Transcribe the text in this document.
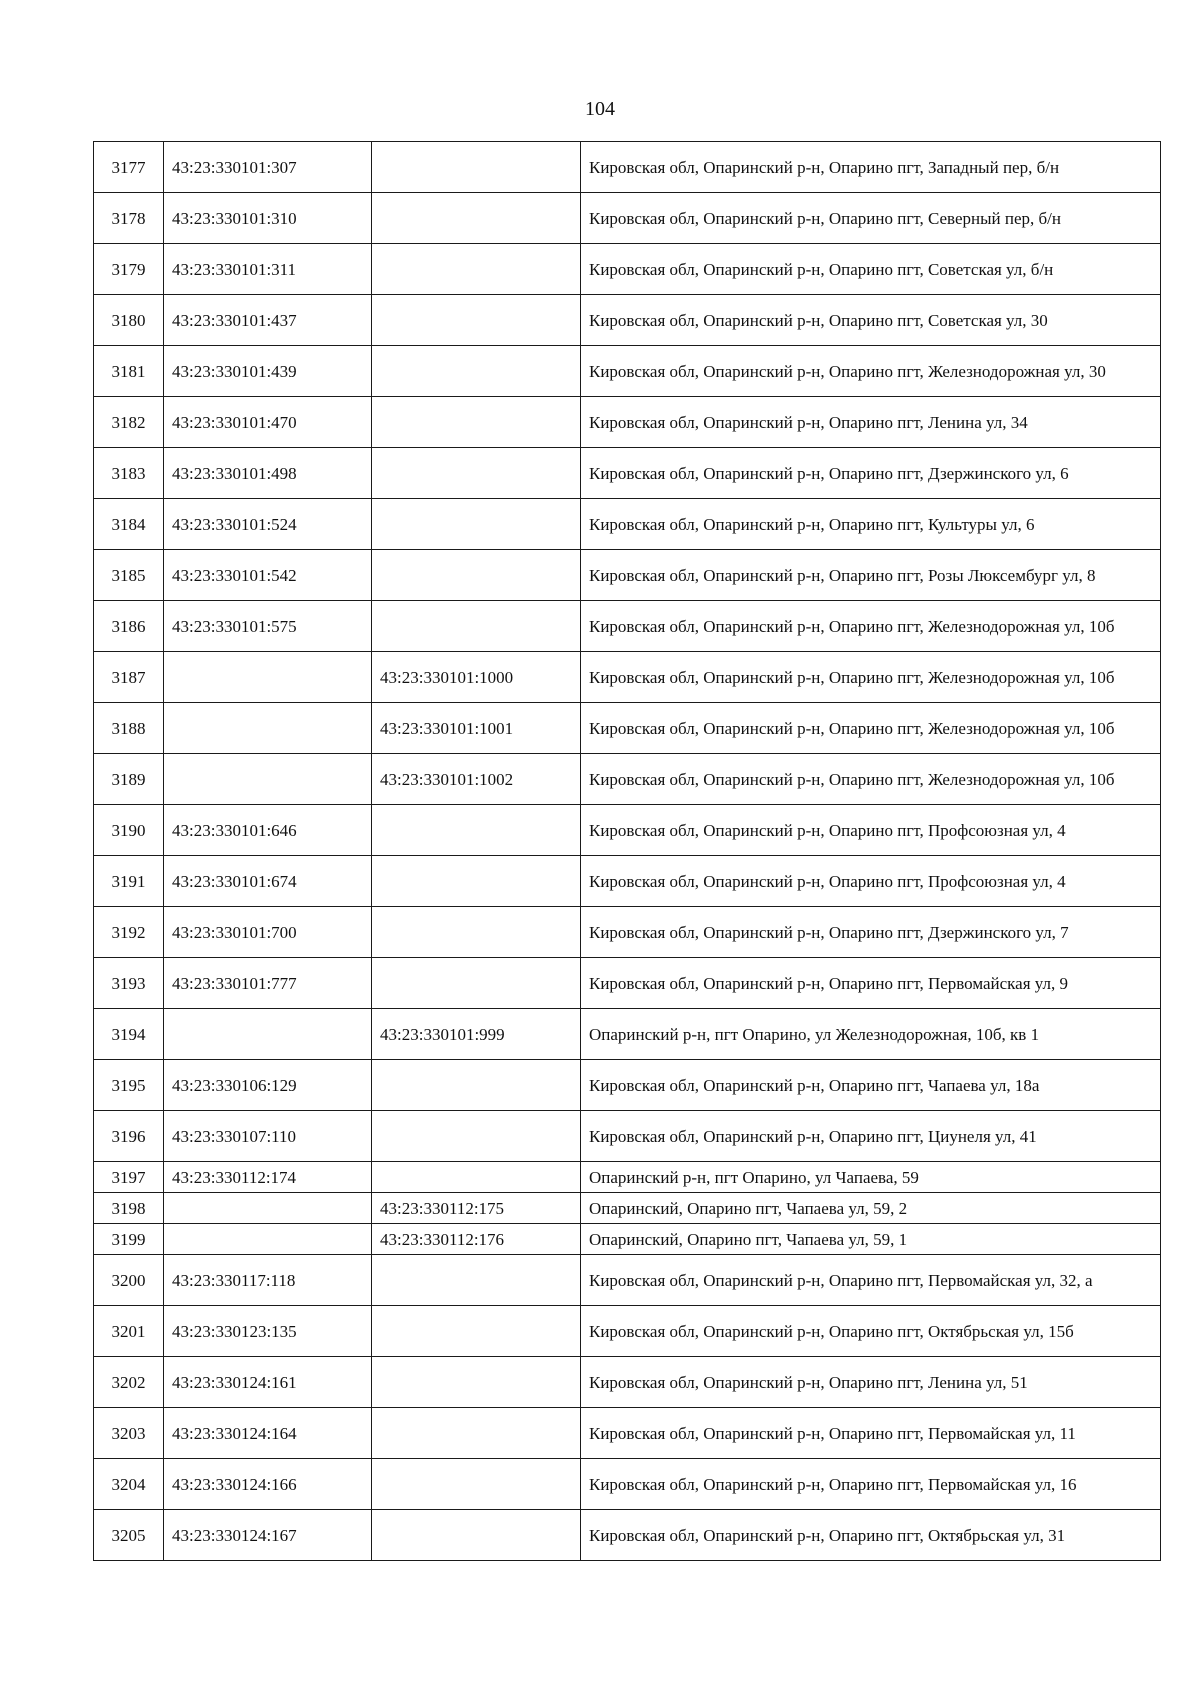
104
3177	43:23:330101:307		Кировская обл, Опаринский р-н, Опарино пгт, Западный пер, б/н
3178	43:23:330101:310		Кировская обл, Опаринский р-н, Опарино пгт, Северный пер, б/н
3179	43:23:330101:311		Кировская обл, Опаринский р-н, Опарино пгт, Советская ул, б/н
3180	43:23:330101:437		Кировская обл, Опаринский р-н, Опарино пгт, Советская ул, 30
3181	43:23:330101:439		Кировская обл, Опаринский р-н, Опарино пгт, Железнодорожная ул, 30
3182	43:23:330101:470		Кировская обл, Опаринский р-н, Опарино пгт, Ленина ул, 34
3183	43:23:330101:498		Кировская обл, Опаринский р-н, Опарино пгт, Дзержинского ул, 6
3184	43:23:330101:524		Кировская обл, Опаринский р-н, Опарино пгт, Культуры ул, 6
3185	43:23:330101:542		Кировская обл, Опаринский р-н, Опарино пгт, Розы Люксембург ул, 8
3186	43:23:330101:575		Кировская обл, Опаринский р-н, Опарино пгт, Железнодорожная ул, 10б
3187		43:23:330101:1000	Кировская обл, Опаринский р-н, Опарино пгт, Железнодорожная ул, 10б
3188		43:23:330101:1001	Кировская обл, Опаринский р-н, Опарино пгт, Железнодорожная ул, 10б
3189		43:23:330101:1002	Кировская обл, Опаринский р-н, Опарино пгт, Железнодорожная ул, 10б
3190	43:23:330101:646		Кировская обл, Опаринский р-н, Опарино пгт, Профсоюзная ул, 4
3191	43:23:330101:674		Кировская обл, Опаринский р-н, Опарино пгт, Профсоюзная ул, 4
3192	43:23:330101:700		Кировская обл, Опаринский р-н, Опарино пгт, Дзержинского ул, 7
3193	43:23:330101:777		Кировская обл, Опаринский р-н, Опарино пгт, Первомайская ул, 9
3194		43:23:330101:999	Опаринский р-н, пгт Опарино, ул Железнодорожная, 10б, кв 1
3195	43:23:330106:129		Кировская обл, Опаринский р-н, Опарино пгт, Чапаева ул, 18а
3196	43:23:330107:110		Кировская обл, Опаринский р-н, Опарино пгт, Циунеля ул, 41
3197	43:23:330112:174		Опаринский р-н, пгт Опарино, ул Чапаева, 59
3198		43:23:330112:175	Опаринский, Опарино пгт, Чапаева ул, 59, 2
3199		43:23:330112:176	Опаринский, Опарино пгт, Чапаева ул, 59, 1
3200	43:23:330117:118		Кировская обл, Опаринский р-н, Опарино пгт, Первомайская ул, 32, а
3201	43:23:330123:135		Кировская обл, Опаринский р-н, Опарино пгт, Октябрьская ул, 15б
3202	43:23:330124:161		Кировская обл, Опаринский р-н, Опарино пгт, Ленина ул, 51
3203	43:23:330124:164		Кировская обл, Опаринский р-н, Опарино пгт, Первомайская ул, 11
3204	43:23:330124:166		Кировская обл, Опаринский р-н, Опарино пгт, Первомайская ул, 16
3205	43:23:330124:167		Кировская обл, Опаринский р-н, Опарино пгт, Октябрьская ул, 31
